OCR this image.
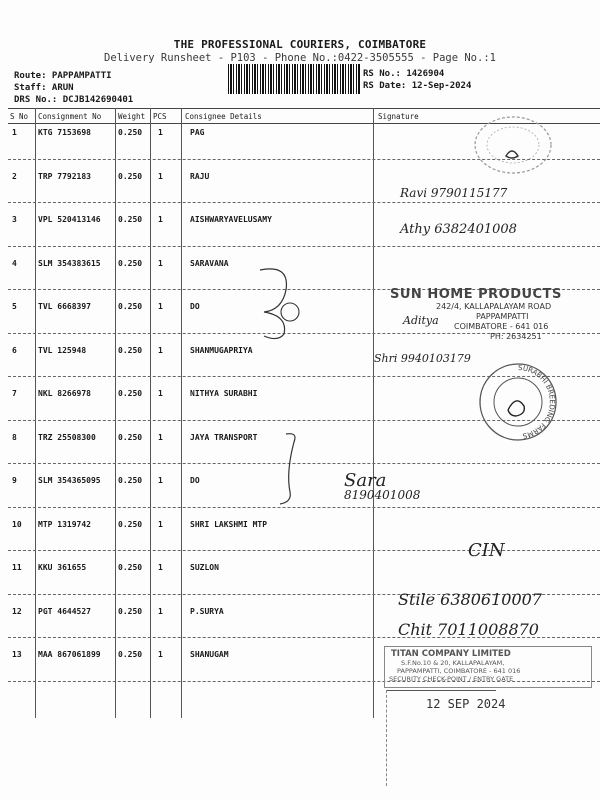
THE PROFESSIONAL COURIERS, COIMBATORE
Delivery Runsheet - P103 - Phone No.:0422-3505555 - Page No.:1
Route: PAPPAMPATTI
Staff: ARUN
DRS No.: DCJB142690401
RS No.: 1426904
RS Date: 12-Sep-2024
S No Consignment No Weight PCS Consignee Details	Signature
1	KTG 7153698	0.250 1	PAG
2	TRP 7792183	0.250 1	RAJU
3	VPL 520413146 0.250 1	AISHWARYAVELUSAMY
4	SLM 354383615 0.250 1	SARAVANA
5	TVL 6668397	0.250 1	DO
6	TVL 125948	0.250 1	SHANMUGAPRIYA
7	NKL 8266978	0.250 1	NITHYA SURABHI
8	TRZ 25508300	0.250 1	JAYA TRANSPORT
9	SLM 354365095 0.250 1	DO
10 MTP 1319742	0.250 1	SHRI LAKSHMI MTP
11 KKU 361655	0.250 1	SUZLON
12 PGT 4644527	0.250 1	P.SURYA
13 MAA 867061899 0.250 1	SHANUGAM
Ravi 9790115177
Athy 6382401008
SUN HOME PRODUCTS
242/4, KALLAPALAYAM ROAD
PAPPAMPATTI
COIMBATORE - 641 016
PH: 2634251
Aditya
Shri 9940103179
SURABHI BREEDING FARMS
Sara
8190401008
CIN
Stile 6380610007
Chit 7011008870
TITAN COMPANY LIMITED
S.F.No.10 & 20, KALLAPALAYAM,
PAPPAMPATTI, COIMBATORE - 641 016
SECURITY CHECK-POINT / ENTRY GATE
12 SEP 2024
